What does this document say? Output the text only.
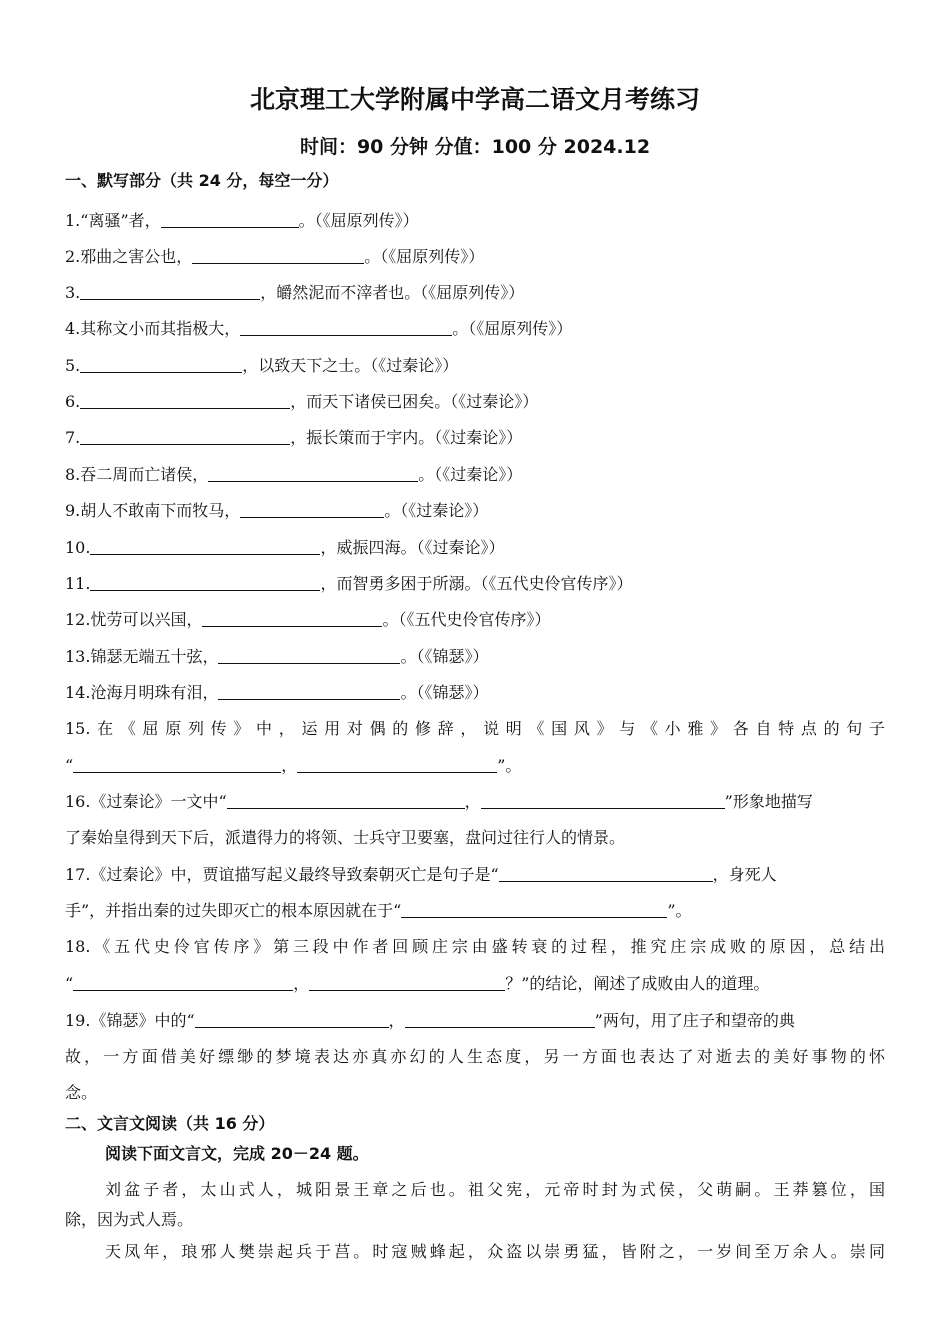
北京理工大学附属中学高二语文月考练习
时间：90 分钟 分值：100 分 2024.12
一、默写部分（共 24 分，每空一分）
1.“离骚”者，	。（《屈原列传》）
2.邪曲之害公也，	。（《屈原列传》）
3.	，皭然泥而不滓者也。（《屈原列传》）
4.其称文小而其指极大，	。（《屈原列传》）
5.	，以致天下之士。（《过秦论》）
6.	，而天下诸侯已困矣。（《过秦论》）
7.	，振长策而于宇内。（《过秦论》）
8.吞二周而亡诸侯，	。（《过秦论》）
9.胡人不敢南下而牧马，	。（《过秦论》）
10.	，威振四海。（《过秦论》）
11.	，而智勇多困于所溺。（《五代史伶官传序》）
12.忧劳可以兴国，	。（《五代史伶官传序》）
13.锦瑟无端五十弦，	。（《锦瑟》）
14.沧海月明珠有泪，	。（《锦瑟》）
15.在《屈原列传》中，运用对偶的修辞，说明《国风》与《小雅》各自特点的句子
“	，	”。
16.《过秦论》一文中“	，	”形象地描写
了秦始皇得到天下后，派遣得力的将领、士兵守卫要塞，盘问过往行人的情景。
17.《过秦论》中，贾谊描写起义最终导致秦朝灭亡是句子是“	，身死人
手”，并指出秦的过失即灭亡的根本原因就在于“	”。
18.《五代史伶官传序》第三段中作者回顾庄宗由盛转衰的过程，推究庄宗成败的原因，总结出
“	，	？”的结论，阐述了成败由人的道理。
19.《锦瑟》中的“	，	”两句，用了庄子和望帝的典
故，一方面借美好缥缈的梦境表达亦真亦幻的人生态度，另一方面也表达了对逝去的美好事物的怀
念。
二、文言文阅读（共 16 分）
阅读下面文言文，完成 20－24 题。
刘盆子者，太山式人，城阳景王章之后也。祖父宪，元帝时封为式侯，父萌嗣。王莽篡位，国
除，因为式人焉。
天凤年，琅邪人樊崇起兵于莒。时寇贼蜂起，众盗以崇勇猛，皆附之，一岁间至万余人。崇同
